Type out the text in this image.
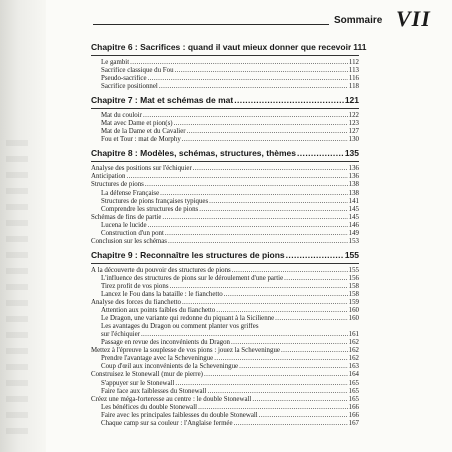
Sommaire VII
Chapitre 6 : Sacrifices : quand il vaut mieux donner que recevoir 111
Le gambit .....	112
Sacrifice classique du Fou .....	113
Pseudo-sacrifice .....	116
Sacrifice positionnel .....	118
Chapitre 7 : Mat et schémas de mat .....	121
Mat du couloir .....	122
Mat avec Dame et pion(s) .....	123
Mat de la Dame et du Cavalier .....	127
Fou et Tour : mat de Morphy .....	130
Chapitre 8 : Modèles, schémas, structures, thèmes .....	135
Analyse des positions sur l'échiquier .....	136
Anticipation .....	136
Structures de pions .....	138
La défense Française .....	138
Structures de pions françaises typiques .....	141
Comprendre les structures de pions .....	145
Schémas de fins de partie .....	145
Lucena le lucide .....	146
Construction d'un pont .....	149
Conclusion sur les schémas .....	153
Chapitre 9 : Reconnaître les structures de pions .....	155
À la découverte du pouvoir des structures de pions .....	155
L'influence des structures de pions sur le déroulement d'une partie .....	156
Tirez profit de vos pions .....	158
Lancez le Fou dans la bataille : le fianchetto .....	158
Analyse des forces du fianchetto .....	159
Attention aux points faibles du fianchetto .....	160
Le Dragon, une variante qui redonne du piquant à la Sicilienne .....	160
Les avantages du Dragon ou comment planter vos griffes
sur l'échiquier .....	161
Passage en revue des inconvénients du Dragon .....	162
Mettez à l'épreuve la souplesse de vos pions : jouez la Scheveningue .....	162
Prendre l'avantage avec la Scheveningue .....	162
Coup d'œil aux inconvénients de la Scheveningue .....	163
Construisez le Stonewall (mur de pierre) .....	164
S'appuyer sur le Stonewall .....	165
Faire face aux faiblesses du Stonewall .....	165
Créez une méga-forteresse au centre : le double Stonewall .....	165
Les bénéfices du double Stonewall .....	166
Faire avec les principales faiblesses du double Stonewall .....	166
Chaque camp sur sa couleur : l'Anglaise fermée .....	167
